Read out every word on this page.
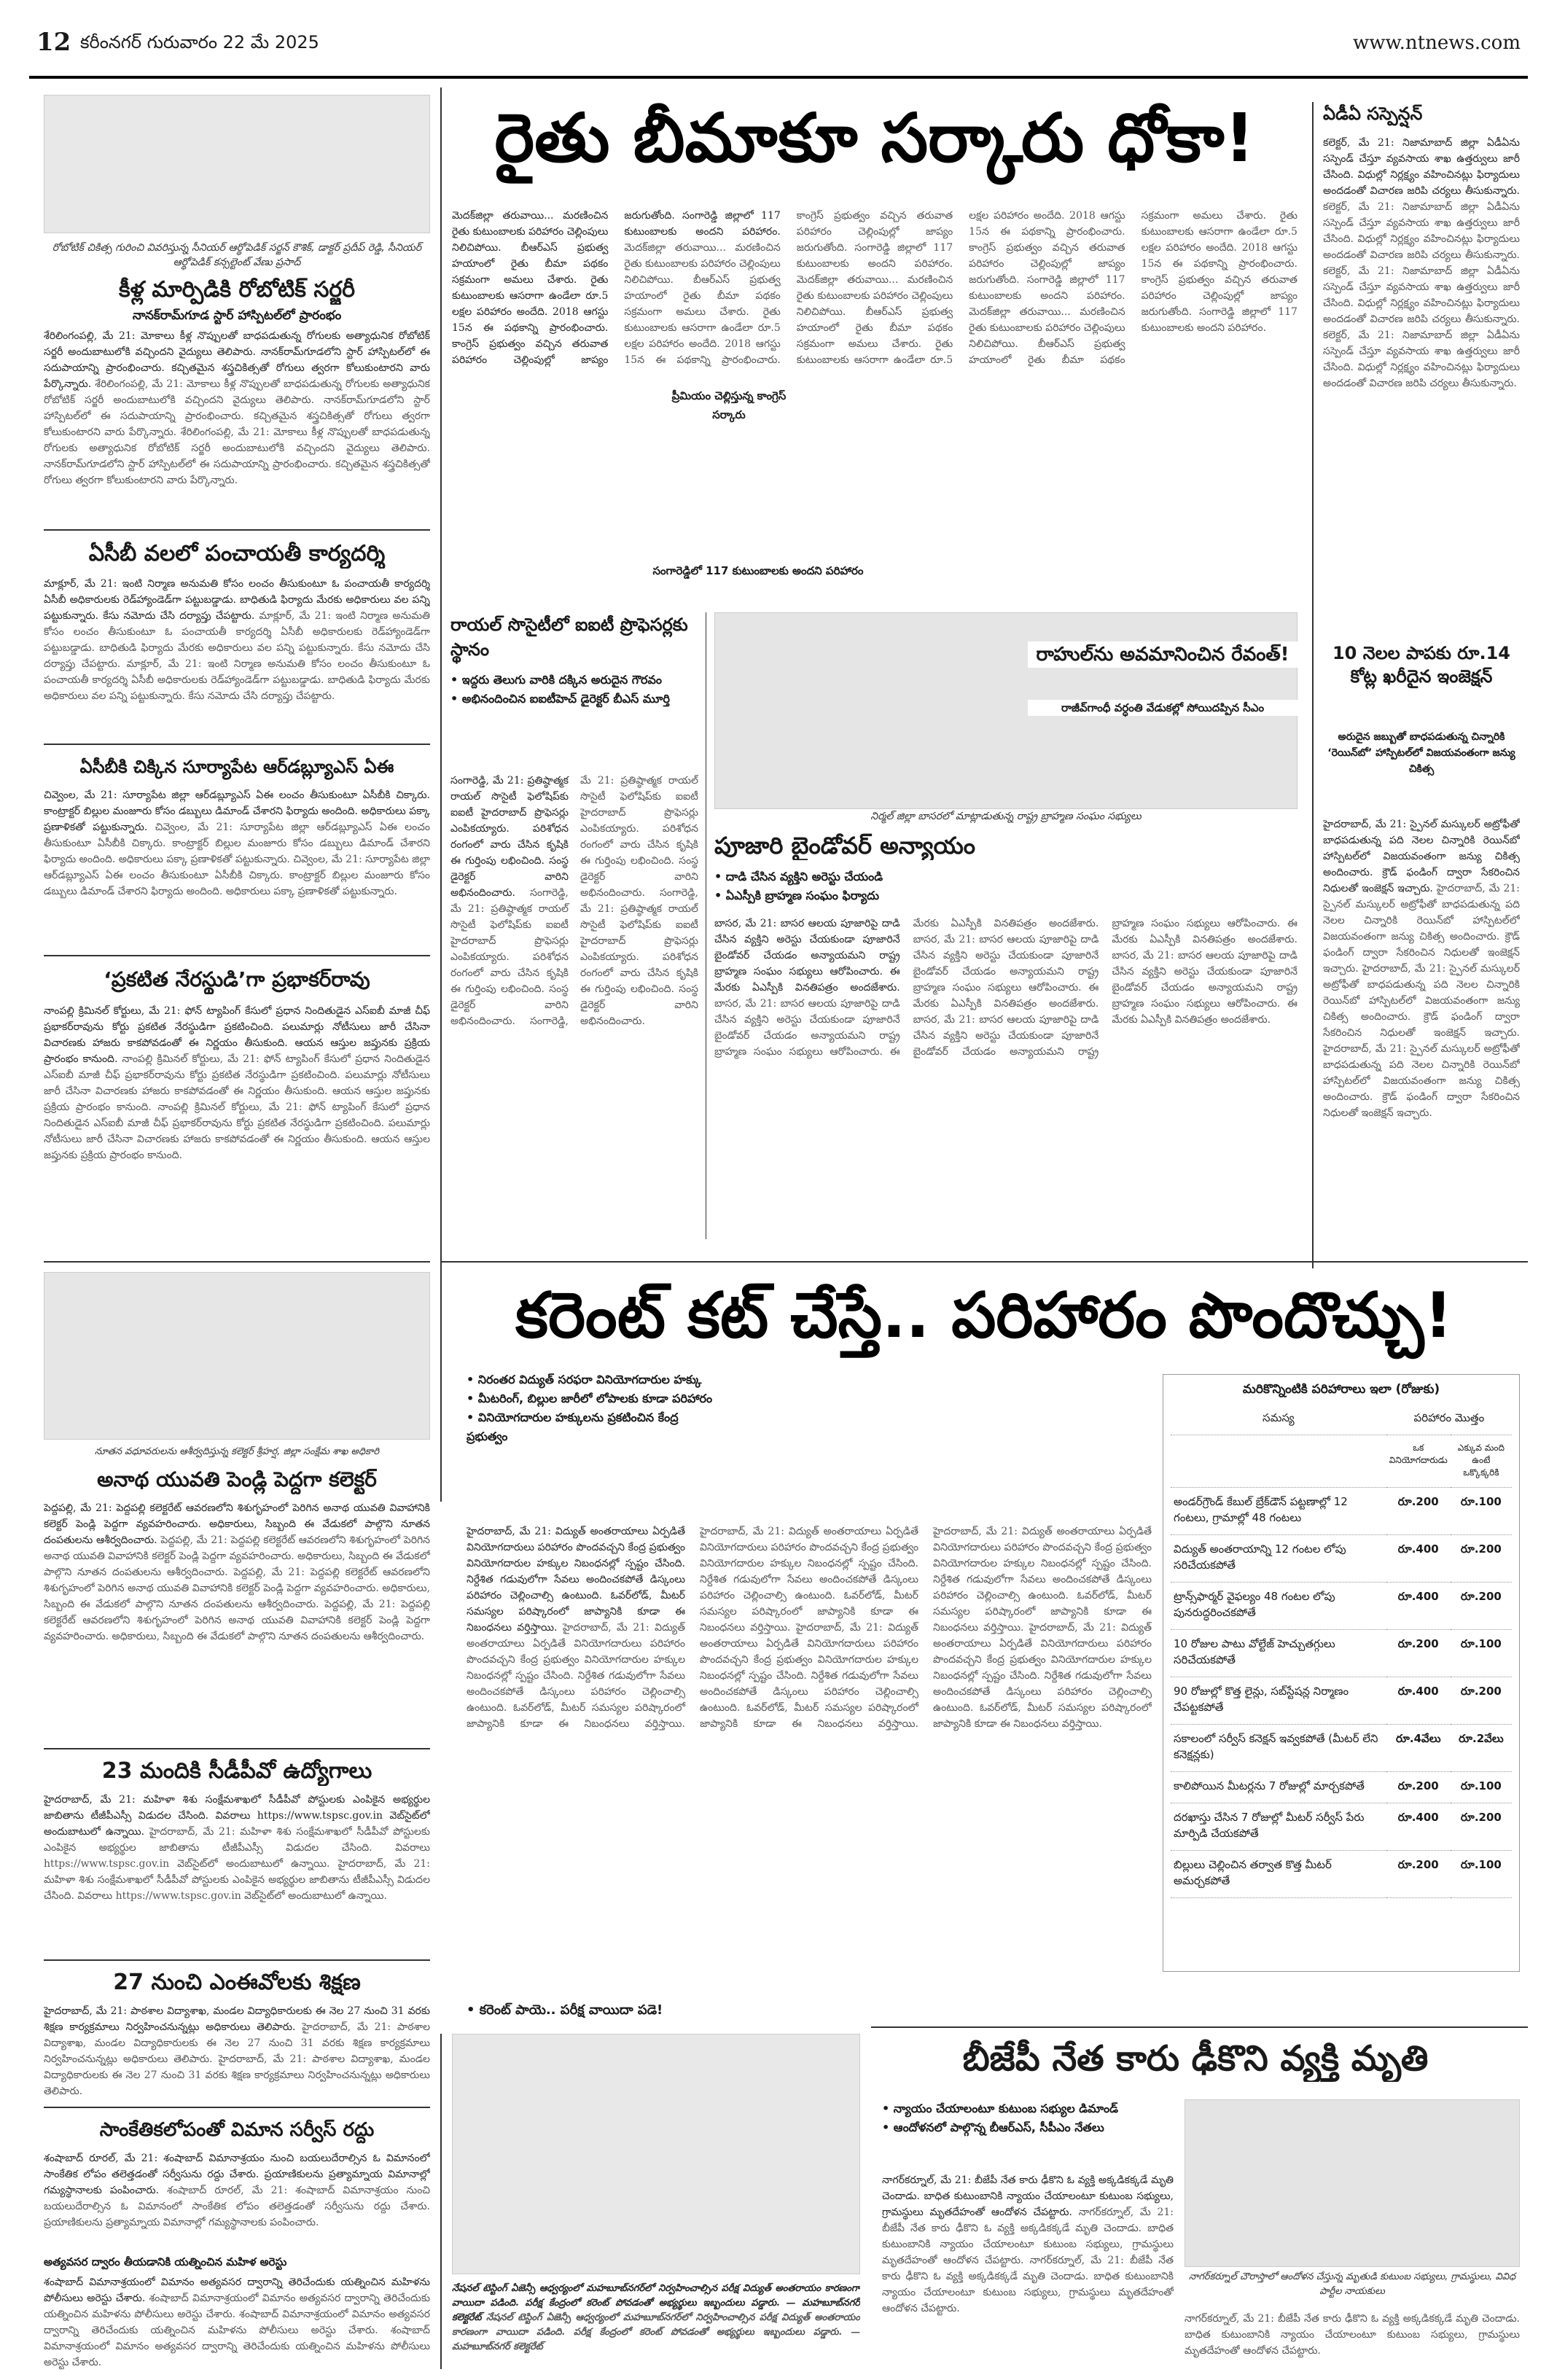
12 కరీంనగర్ గురువారం 22 మే 2025	www.ntnews.com
రైతు బీమాకూ సర్కారు ధోకా!
మెదక్‌జిల్లా తరువాయి... మరణించిన రైతు కుటుంబాలకు పరిహారం చెల్లింపులు నిలిచిపోయి. బీఆర్‌ఎస్ ప్రభుత్వ హయాంలో రైతు బీమా పథకం సక్రమంగా అమలు చేశారు. రైతు కుటుంబాలకు ఆసరాగా ఉండేలా రూ.5 లక్షల పరిహారం అందేది. 2018 ఆగస్టు 15న ఈ పథకాన్ని ప్రారంభించారు. కాంగ్రెస్ ప్రభుత్వం వచ్చిన తరువాత పరిహారం చెల్లింపుల్లో జాప్యం జరుగుతోంది. సంగారెడ్డి జిల్లాలో 117 కుటుంబాలకు అందని పరిహారం. మెదక్‌జిల్లా తరువాయి... మరణించిన రైతు కుటుంబాలకు పరిహారం చెల్లింపులు నిలిచిపోయి. బీఆర్‌ఎస్ ప్రభుత్వ హయాంలో రైతు బీమా పథకం సక్రమంగా అమలు చేశారు. రైతు కుటుంబాలకు ఆసరాగా ఉండేలా రూ.5 లక్షల పరిహారం అందేది. 2018 ఆగస్టు 15న ఈ పథకాన్ని ప్రారంభించారు. కాంగ్రెస్ ప్రభుత్వం వచ్చిన తరువాత పరిహారం చెల్లింపుల్లో జాప్యం జరుగుతోంది. సంగారెడ్డి జిల్లాలో 117 కుటుంబాలకు అందని పరిహారం. మెదక్‌జిల్లా తరువాయి... మరణించిన రైతు కుటుంబాలకు పరిహారం చెల్లింపులు నిలిచిపోయి. బీఆర్‌ఎస్ ప్రభుత్వ హయాంలో రైతు బీమా పథకం సక్రమంగా అమలు చేశారు. రైతు కుటుంబాలకు ఆసరాగా ఉండేలా రూ.5 లక్షల పరిహారం అందేది. 2018 ఆగస్టు 15న ఈ పథకాన్ని ప్రారంభించారు. కాంగ్రెస్ ప్రభుత్వం వచ్చిన తరువాత పరిహారం చెల్లింపుల్లో జాప్యం జరుగుతోంది. సంగారెడ్డి జిల్లాలో 117 కుటుంబాలకు అందని పరిహారం. మెదక్‌జిల్లా తరువాయి... మరణించిన రైతు కుటుంబాలకు పరిహారం చెల్లింపులు నిలిచిపోయి. బీఆర్‌ఎస్ ప్రభుత్వ హయాంలో రైతు బీమా పథకం సక్రమంగా అమలు చేశారు. రైతు కుటుంబాలకు ఆసరాగా ఉండేలా రూ.5 లక్షల పరిహారం అందేది. 2018 ఆగస్టు 15న ఈ పథకాన్ని ప్రారంభించారు. కాంగ్రెస్ ప్రభుత్వం వచ్చిన తరువాత పరిహారం చెల్లింపుల్లో జాప్యం జరుగుతోంది. సంగారెడ్డి జిల్లాలో 117 కుటుంబాలకు అందని పరిహారం.
ప్రీమియం చెల్లిస్తున్న కాంగ్రెస్ సర్కారు
సంగారెడ్డిలో 117 కుటుంబాలకు అందని పరిహారం
రోబోటిక్ చికిత్స గురించి వివరిస్తున్న సీనియర్ ఆర్థోపెడిక్ సర్జన్ కౌశిక్, డాక్టర్ ప్రదీప్ రెడ్డి, సీనియర్ ఆర్థోపెడిక్ కన్సల్టెంట్ వేణు ప్రసాద్
కీళ్ల మార్పిడికి రోబోటిక్ సర్జరీ
నానక్‌రామ్‌గూడ స్టార్ హాస్పిటల్‌లో ప్రారంభం
శేరిలింగంపల్లి, మే 21: మోకాలు కీళ్ల నొప్పులతో బాధపడుతున్న రోగులకు అత్యాధునిక రోబోటిక్ సర్జరీ అందుబాటులోకి వచ్చిందని వైద్యులు తెలిపారు. నానక్‌రామ్‌గూడలోని స్టార్ హాస్పిటల్‌లో ఈ సదుపాయాన్ని ప్రారంభించారు. కచ్చితమైన శస్త్రచికిత్సతో రోగులు త్వరగా కోలుకుంటారని వారు పేర్కొన్నారు. శేరిలింగంపల్లి, మే 21: మోకాలు కీళ్ల నొప్పులతో బాధపడుతున్న రోగులకు అత్యాధునిక రోబోటిక్ సర్జరీ అందుబాటులోకి వచ్చిందని వైద్యులు తెలిపారు. నానక్‌రామ్‌గూడలోని స్టార్ హాస్పిటల్‌లో ఈ సదుపాయాన్ని ప్రారంభించారు. కచ్చితమైన శస్త్రచికిత్సతో రోగులు త్వరగా కోలుకుంటారని వారు పేర్కొన్నారు. శేరిలింగంపల్లి, మే 21: మోకాలు కీళ్ల నొప్పులతో బాధపడుతున్న రోగులకు అత్యాధునిక రోబోటిక్ సర్జరీ అందుబాటులోకి వచ్చిందని వైద్యులు తెలిపారు. నానక్‌రామ్‌గూడలోని స్టార్ హాస్పిటల్‌లో ఈ సదుపాయాన్ని ప్రారంభించారు. కచ్చితమైన శస్త్రచికిత్సతో రోగులు త్వరగా కోలుకుంటారని వారు పేర్కొన్నారు.
ఏసీబీ వలలో పంచాయతీ కార్యదర్శి
మాక్లూర్, మే 21: ఇంటి నిర్మాణ అనుమతి కోసం లంచం తీసుకుంటూ ఓ పంచాయతీ కార్యదర్శి ఏసీబీ అధికారులకు రెడ్‌హ్యాండెడ్‌గా పట్టుబడ్డాడు. బాధితుడి ఫిర్యాదు మేరకు అధికారులు వల పన్ని పట్టుకున్నారు. కేసు నమోదు చేసి దర్యాప్తు చేపట్టారు. మాక్లూర్, మే 21: ఇంటి నిర్మాణ అనుమతి కోసం లంచం తీసుకుంటూ ఓ పంచాయతీ కార్యదర్శి ఏసీబీ అధికారులకు రెడ్‌హ్యాండెడ్‌గా పట్టుబడ్డాడు. బాధితుడి ఫిర్యాదు మేరకు అధికారులు వల పన్ని పట్టుకున్నారు. కేసు నమోదు చేసి దర్యాప్తు చేపట్టారు. మాక్లూర్, మే 21: ఇంటి నిర్మాణ అనుమతి కోసం లంచం తీసుకుంటూ ఓ పంచాయతీ కార్యదర్శి ఏసీబీ అధికారులకు రెడ్‌హ్యాండెడ్‌గా పట్టుబడ్డాడు. బాధితుడి ఫిర్యాదు మేరకు అధికారులు వల పన్ని పట్టుకున్నారు. కేసు నమోదు చేసి దర్యాప్తు చేపట్టారు.
ఏసీబీకి చిక్కిన సూర్యాపేట ఆర్‌డబ్ల్యూఎస్ ఏఈ
చివ్వెంల, మే 21: సూర్యాపేట జిల్లా ఆర్‌డబ్ల్యూఎస్ ఏఈ లంచం తీసుకుంటూ ఏసీబీకి చిక్కారు. కాంట్రాక్టర్ బిల్లుల మంజూరు కోసం డబ్బులు డిమాండ్ చేశారని ఫిర్యాదు అందింది. అధికారులు పక్కా ప్రణాళికతో పట్టుకున్నారు. చివ్వెంల, మే 21: సూర్యాపేట జిల్లా ఆర్‌డబ్ల్యూఎస్ ఏఈ లంచం తీసుకుంటూ ఏసీబీకి చిక్కారు. కాంట్రాక్టర్ బిల్లుల మంజూరు కోసం డబ్బులు డిమాండ్ చేశారని ఫిర్యాదు అందింది. అధికారులు పక్కా ప్రణాళికతో పట్టుకున్నారు. చివ్వెంల, మే 21: సూర్యాపేట జిల్లా ఆర్‌డబ్ల్యూఎస్ ఏఈ లంచం తీసుకుంటూ ఏసీబీకి చిక్కారు. కాంట్రాక్టర్ బిల్లుల మంజూరు కోసం డబ్బులు డిమాండ్ చేశారని ఫిర్యాదు అందింది. అధికారులు పక్కా ప్రణాళికతో పట్టుకున్నారు.
‘ప్రకటిత నేరస్థుడి’గా ప్రభాకర్‌రావు
నాంపల్లి క్రిమినల్ కోర్టులు, మే 21: ఫోన్ ట్యాపింగ్ కేసులో ప్రధాన నిందితుడైన ఎస్‌ఐబీ మాజీ చీఫ్ ప్రభాకర్‌రావును కోర్టు ప్రకటిత నేరస్థుడిగా ప్రకటించింది. పలుమార్లు నోటీసులు జారీ చేసినా విచారణకు హాజరు కాకపోవడంతో ఈ నిర్ణయం తీసుకుంది. ఆయన ఆస్తుల జప్తునకు ప్రక్రియ ప్రారంభం కానుంది. నాంపల్లి క్రిమినల్ కోర్టులు, మే 21: ఫోన్ ట్యాపింగ్ కేసులో ప్రధాన నిందితుడైన ఎస్‌ఐబీ మాజీ చీఫ్ ప్రభాకర్‌రావును కోర్టు ప్రకటిత నేరస్థుడిగా ప్రకటించింది. పలుమార్లు నోటీసులు జారీ చేసినా విచారణకు హాజరు కాకపోవడంతో ఈ నిర్ణయం తీసుకుంది. ఆయన ఆస్తుల జప్తునకు ప్రక్రియ ప్రారంభం కానుంది. నాంపల్లి క్రిమినల్ కోర్టులు, మే 21: ఫోన్ ట్యాపింగ్ కేసులో ప్రధాన నిందితుడైన ఎస్‌ఐబీ మాజీ చీఫ్ ప్రభాకర్‌రావును కోర్టు ప్రకటిత నేరస్థుడిగా ప్రకటించింది. పలుమార్లు నోటీసులు జారీ చేసినా విచారణకు హాజరు కాకపోవడంతో ఈ నిర్ణయం తీసుకుంది. ఆయన ఆస్తుల జప్తునకు ప్రక్రియ ప్రారంభం కానుంది.
రాయల్ సొసైటీలో ఐఐటీ ప్రొఫెసర్లకు స్థానం
• ఇద్దరు తెలుగు వారికి దక్కిన అరుదైన గౌరవం
• అభినందించిన ఐఐటీహెచ్ డైరెక్టర్ బీఎస్ మూర్తి
సంగారెడ్డి, మే 21: ప్రతిష్ఠాత్మక రాయల్ సొసైటీ ఫెలోషిప్‌కు ఐఐటీ హైదరాబాద్ ప్రొఫెసర్లు ఎంపికయ్యారు. పరిశోధన రంగంలో వారు చేసిన కృషికి ఈ గుర్తింపు లభించింది. సంస్థ డైరెక్టర్ వారిని అభినందించారు. సంగారెడ్డి, మే 21: ప్రతిష్ఠాత్మక రాయల్ సొసైటీ ఫెలోషిప్‌కు ఐఐటీ హైదరాబాద్ ప్రొఫెసర్లు ఎంపికయ్యారు. పరిశోధన రంగంలో వారు చేసిన కృషికి ఈ గుర్తింపు లభించింది. సంస్థ డైరెక్టర్ వారిని అభినందించారు. సంగారెడ్డి, మే 21: ప్రతిష్ఠాత్మక రాయల్ సొసైటీ ఫెలోషిప్‌కు ఐఐటీ హైదరాబాద్ ప్రొఫెసర్లు ఎంపికయ్యారు. పరిశోధన రంగంలో వారు చేసిన కృషికి ఈ గుర్తింపు లభించింది. సంస్థ డైరెక్టర్ వారిని అభినందించారు. సంగారెడ్డి, మే 21: ప్రతిష్ఠాత్మక రాయల్ సొసైటీ ఫెలోషిప్‌కు ఐఐటీ హైదరాబాద్ ప్రొఫెసర్లు ఎంపికయ్యారు. పరిశోధన రంగంలో వారు చేసిన కృషికి ఈ గుర్తింపు లభించింది. సంస్థ డైరెక్టర్ వారిని అభినందించారు.
నిర్మల్ జిల్లా బాసరలో మాట్లాడుతున్న రాష్ట్ర బ్రాహ్మణ సంఘం సభ్యులు
పూజారి బైండోవర్ అన్యాయం
• దాడి చేసిన వ్యక్తిని అరెస్టు చేయండి
• ఏఎస్పీకి బ్రాహ్మణ సంఘం ఫిర్యాదు
బాసర, మే 21: బాసర ఆలయ పూజారిపై దాడి చేసిన వ్యక్తిని అరెస్టు చేయకుండా పూజారినే బైండోవర్ చేయడం అన్యాయమని రాష్ట్ర బ్రాహ్మణ సంఘం సభ్యులు ఆరోపించారు. ఈ మేరకు ఏఎస్పీకి వినతిపత్రం అందజేశారు. బాసర, మే 21: బాసర ఆలయ పూజారిపై దాడి చేసిన వ్యక్తిని అరెస్టు చేయకుండా పూజారినే బైండోవర్ చేయడం అన్యాయమని రాష్ట్ర బ్రాహ్మణ సంఘం సభ్యులు ఆరోపించారు. ఈ మేరకు ఏఎస్పీకి వినతిపత్రం అందజేశారు. బాసర, మే 21: బాసర ఆలయ పూజారిపై దాడి చేసిన వ్యక్తిని అరెస్టు చేయకుండా పూజారినే బైండోవర్ చేయడం అన్యాయమని రాష్ట్ర బ్రాహ్మణ సంఘం సభ్యులు ఆరోపించారు. ఈ మేరకు ఏఎస్పీకి వినతిపత్రం అందజేశారు. బాసర, మే 21: బాసర ఆలయ పూజారిపై దాడి చేసిన వ్యక్తిని అరెస్టు చేయకుండా పూజారినే బైండోవర్ చేయడం అన్యాయమని రాష్ట్ర బ్రాహ్మణ సంఘం సభ్యులు ఆరోపించారు. ఈ మేరకు ఏఎస్పీకి వినతిపత్రం అందజేశారు. బాసర, మే 21: బాసర ఆలయ పూజారిపై దాడి చేసిన వ్యక్తిని అరెస్టు చేయకుండా పూజారినే బైండోవర్ చేయడం అన్యాయమని రాష్ట్ర బ్రాహ్మణ సంఘం సభ్యులు ఆరోపించారు. ఈ మేరకు ఏఎస్పీకి వినతిపత్రం అందజేశారు.
రాహుల్‌ను అవమానించిన రేవంత్!
రాజీవ్‌గాంధీ వర్ధంతి వేడుకల్లో సోయిదప్పిన సీఎం
ఏడీఏ సస్పెన్షన్
కలెక్టర్, మే 21: నిజామాబాద్ జిల్లా ఏడీఏను సస్పెండ్ చేస్తూ వ్యవసాయ శాఖ ఉత్తర్వులు జారీ చేసింది. విధుల్లో నిర్లక్ష్యం వహించినట్లు ఫిర్యాదులు అందడంతో విచారణ జరిపి చర్యలు తీసుకున్నారు. కలెక్టర్, మే 21: నిజామాబాద్ జిల్లా ఏడీఏను సస్పెండ్ చేస్తూ వ్యవసాయ శాఖ ఉత్తర్వులు జారీ చేసింది. విధుల్లో నిర్లక్ష్యం వహించినట్లు ఫిర్యాదులు అందడంతో విచారణ జరిపి చర్యలు తీసుకున్నారు. కలెక్టర్, మే 21: నిజామాబాద్ జిల్లా ఏడీఏను సస్పెండ్ చేస్తూ వ్యవసాయ శాఖ ఉత్తర్వులు జారీ చేసింది. విధుల్లో నిర్లక్ష్యం వహించినట్లు ఫిర్యాదులు అందడంతో విచారణ జరిపి చర్యలు తీసుకున్నారు. కలెక్టర్, మే 21: నిజామాబాద్ జిల్లా ఏడీఏను సస్పెండ్ చేస్తూ వ్యవసాయ శాఖ ఉత్తర్వులు జారీ చేసింది. విధుల్లో నిర్లక్ష్యం వహించినట్లు ఫిర్యాదులు అందడంతో విచారణ జరిపి చర్యలు తీసుకున్నారు.
10 నెలల పాపకు రూ.14 కోట్ల ఖరీదైన ఇంజెక్షన్
అరుదైన జబ్బుతో బాధపడుతున్న చిన్నారికి ‘రెయిన్‌బో’ హాస్పిటల్‌లో విజయవంతంగా జన్యు చికిత్స
హైదరాబాద్, మే 21: స్పైనల్ మస్కులర్ అట్రోఫీతో బాధపడుతున్న పది నెలల చిన్నారికి రెయిన్‌బో హాస్పిటల్‌లో విజయవంతంగా జన్యు చికిత్స అందించారు. క్రౌడ్ ఫండింగ్ ద్వారా సేకరించిన నిధులతో ఇంజెక్షన్ ఇచ్చారు. హైదరాబాద్, మే 21: స్పైనల్ మస్కులర్ అట్రోఫీతో బాధపడుతున్న పది నెలల చిన్నారికి రెయిన్‌బో హాస్పిటల్‌లో విజయవంతంగా జన్యు చికిత్స అందించారు. క్రౌడ్ ఫండింగ్ ద్వారా సేకరించిన నిధులతో ఇంజెక్షన్ ఇచ్చారు. హైదరాబాద్, మే 21: స్పైనల్ మస్కులర్ అట్రోఫీతో బాధపడుతున్న పది నెలల చిన్నారికి రెయిన్‌బో హాస్పిటల్‌లో విజయవంతంగా జన్యు చికిత్స అందించారు. క్రౌడ్ ఫండింగ్ ద్వారా సేకరించిన నిధులతో ఇంజెక్షన్ ఇచ్చారు. హైదరాబాద్, మే 21: స్పైనల్ మస్కులర్ అట్రోఫీతో బాధపడుతున్న పది నెలల చిన్నారికి రెయిన్‌బో హాస్పిటల్‌లో విజయవంతంగా జన్యు చికిత్స అందించారు. క్రౌడ్ ఫండింగ్ ద్వారా సేకరించిన నిధులతో ఇంజెక్షన్ ఇచ్చారు.
కరెంట్ కట్ చేస్తే.. పరిహారం పొందొచ్చు!
• నిరంతర విద్యుత్ సరఫరా వినియోగదారుల హక్కు
• మీటరింగ్, బిల్లుల జారీలో లోపాలకు కూడా పరిహారం
• వినియోగదారుల హక్కులను ప్రకటించిన కేంద్ర ప్రభుత్వం
హైదరాబాద్, మే 21: విద్యుత్ అంతరాయాలు ఏర్పడితే వినియోగదారులు పరిహారం పొందవచ్చని కేంద్ర ప్రభుత్వం వినియోగదారుల హక్కుల నిబంధనల్లో స్పష్టం చేసింది. నిర్దేశిత గడువులోగా సేవలు అందించకపోతే డిస్కంలు పరిహారం చెల్లించాల్సి ఉంటుంది. ఓవర్‌లోడ్, మీటర్ సమస్యల పరిష్కారంలో జాప్యానికి కూడా ఈ నిబంధనలు వర్తిస్తాయి. హైదరాబాద్, మే 21: విద్యుత్ అంతరాయాలు ఏర్పడితే వినియోగదారులు పరిహారం పొందవచ్చని కేంద్ర ప్రభుత్వం వినియోగదారుల హక్కుల నిబంధనల్లో స్పష్టం చేసింది. నిర్దేశిత గడువులోగా సేవలు అందించకపోతే డిస్కంలు పరిహారం చెల్లించాల్సి ఉంటుంది. ఓవర్‌లోడ్, మీటర్ సమస్యల పరిష్కారంలో జాప్యానికి కూడా ఈ నిబంధనలు వర్తిస్తాయి. హైదరాబాద్, మే 21: విద్యుత్ అంతరాయాలు ఏర్పడితే వినియోగదారులు పరిహారం పొందవచ్చని కేంద్ర ప్రభుత్వం వినియోగదారుల హక్కుల నిబంధనల్లో స్పష్టం చేసింది. నిర్దేశిత గడువులోగా సేవలు అందించకపోతే డిస్కంలు పరిహారం చెల్లించాల్సి ఉంటుంది. ఓవర్‌లోడ్, మీటర్ సమస్యల పరిష్కారంలో జాప్యానికి కూడా ఈ నిబంధనలు వర్తిస్తాయి. హైదరాబాద్, మే 21: విద్యుత్ అంతరాయాలు ఏర్పడితే వినియోగదారులు పరిహారం పొందవచ్చని కేంద్ర ప్రభుత్వం వినియోగదారుల హక్కుల నిబంధనల్లో స్పష్టం చేసింది. నిర్దేశిత గడువులోగా సేవలు అందించకపోతే డిస్కంలు పరిహారం చెల్లించాల్సి ఉంటుంది. ఓవర్‌లోడ్, మీటర్ సమస్యల పరిష్కారంలో జాప్యానికి కూడా ఈ నిబంధనలు వర్తిస్తాయి. హైదరాబాద్, మే 21: విద్యుత్ అంతరాయాలు ఏర్పడితే వినియోగదారులు పరిహారం పొందవచ్చని కేంద్ర ప్రభుత్వం వినియోగదారుల హక్కుల నిబంధనల్లో స్పష్టం చేసింది. నిర్దేశిత గడువులోగా సేవలు అందించకపోతే డిస్కంలు పరిహారం చెల్లించాల్సి ఉంటుంది. ఓవర్‌లోడ్, మీటర్ సమస్యల పరిష్కారంలో జాప్యానికి కూడా ఈ నిబంధనలు వర్తిస్తాయి. హైదరాబాద్, మే 21: విద్యుత్ అంతరాయాలు ఏర్పడితే వినియోగదారులు పరిహారం పొందవచ్చని కేంద్ర ప్రభుత్వం వినియోగదారుల హక్కుల నిబంధనల్లో స్పష్టం చేసింది. నిర్దేశిత గడువులోగా సేవలు అందించకపోతే డిస్కంలు పరిహారం చెల్లించాల్సి ఉంటుంది. ఓవర్‌లోడ్, మీటర్ సమస్యల పరిష్కారంలో జాప్యానికి కూడా ఈ నిబంధనలు వర్తిస్తాయి.
• కరెంట్ పాయె.. పరీక్ష వాయిదా పడె!
మరికొన్నింటికి పరిహారాలు ఇలా (రోజుకు)
సమస్య	పరిహారం మొత్తం	
	ఒక వినియోగదారుడు	ఎక్కువ మంది ఉంటే ఒక్కొక్కరికి
అండర్‌గ్రౌండ్ కేబుల్ బ్రేక్‌డౌన్ పట్టణాల్లో 12 గంటలు, గ్రామాల్లో 48 గంటలు	రూ.200	రూ.100
విద్యుత్ అంతరాయాన్ని 12 గంటల లోపు సరిచేయకపోతే	రూ.400	రూ.200
ట్రాన్స్‌ఫార్మర్ వైఫల్యం 48 గంటల లోపు పునరుద్ధరించకపోతే	రూ.400	రూ.200
10 రోజుల పాటు వోల్టేజ్ హెచ్చుతగ్గులు సరిచేయకపోతే	రూ.200	రూ.100
90 రోజుల్లో కొత్త లైన్లు, సబ్‌స్టేషన్ల నిర్మాణం చేపట్టకపోతే	రూ.400	రూ.200
సకాలంలో సర్వీస్ కనెక్షన్ ఇవ్వకపోతే (మీటర్ లేని కనెక్షన్లకు)	రూ.4వేలు	రూ.2వేలు
కాలిపోయిన మీటర్లను 7 రోజుల్లో మార్చకపోతే	రూ.200	రూ.100
దరఖాస్తు చేసిన 7 రోజుల్లో మీటర్ సర్వీస్ పేరు మార్పిడి చేయకపోతే	రూ.400	రూ.200
బిల్లులు చెల్లించిన తర్వాత కొత్త మీటర్ అమర్చకపోతే	రూ.200	రూ.100
నూతన వధూవరులను ఆశీర్వదిస్తున్న కలెక్టర్ శ్రీహర్ష, జిల్లా సంక్షేమ శాఖ అధికారి
అనాథ యువతి పెండ్లి పెద్దగా కలెక్టర్
పెద్దపల్లి, మే 21: పెద్దపల్లి కలెక్టరేట్ ఆవరణలోని శిశుగృహంలో పెరిగిన అనాథ యువతి వివాహానికి కలెక్టర్ పెండ్లి పెద్దగా వ్యవహరించారు. అధికారులు, సిబ్బంది ఈ వేడుకలో పాల్గొని నూతన దంపతులను ఆశీర్వదించారు. పెద్దపల్లి, మే 21: పెద్దపల్లి కలెక్టరేట్ ఆవరణలోని శిశుగృహంలో పెరిగిన అనాథ యువతి వివాహానికి కలెక్టర్ పెండ్లి పెద్దగా వ్యవహరించారు. అధికారులు, సిబ్బంది ఈ వేడుకలో పాల్గొని నూతన దంపతులను ఆశీర్వదించారు. పెద్దపల్లి, మే 21: పెద్దపల్లి కలెక్టరేట్ ఆవరణలోని శిశుగృహంలో పెరిగిన అనాథ యువతి వివాహానికి కలెక్టర్ పెండ్లి పెద్దగా వ్యవహరించారు. అధికారులు, సిబ్బంది ఈ వేడుకలో పాల్గొని నూతన దంపతులను ఆశీర్వదించారు. పెద్దపల్లి, మే 21: పెద్దపల్లి కలెక్టరేట్ ఆవరణలోని శిశుగృహంలో పెరిగిన అనాథ యువతి వివాహానికి కలెక్టర్ పెండ్లి పెద్దగా వ్యవహరించారు. అధికారులు, సిబ్బంది ఈ వేడుకలో పాల్గొని నూతన దంపతులను ఆశీర్వదించారు.
23 మందికి సీడీపీవో ఉద్యోగాలు
హైదరాబాద్, మే 21: మహిళా శిశు సంక్షేమశాఖలో సీడీపీవో పోస్టులకు ఎంపికైన అభ్యర్థుల జాబితాను టీజీపీఎస్సీ విడుదల చేసింది. వివరాలు https://www.tspsc.gov.in వెబ్‌సైట్‌లో అందుబాటులో ఉన్నాయి. హైదరాబాద్, మే 21: మహిళా శిశు సంక్షేమశాఖలో సీడీపీవో పోస్టులకు ఎంపికైన అభ్యర్థుల జాబితాను టీజీపీఎస్సీ విడుదల చేసింది. వివరాలు https://www.tspsc.gov.in వెబ్‌సైట్‌లో అందుబాటులో ఉన్నాయి. హైదరాబాద్, మే 21: మహిళా శిశు సంక్షేమశాఖలో సీడీపీవో పోస్టులకు ఎంపికైన అభ్యర్థుల జాబితాను టీజీపీఎస్సీ విడుదల చేసింది. వివరాలు https://www.tspsc.gov.in వెబ్‌సైట్‌లో అందుబాటులో ఉన్నాయి.
27 నుంచి ఎంఈవోలకు శిక్షణ
హైదరాబాద్, మే 21: పాఠశాల విద్యాశాఖ, మండల విద్యాధికారులకు ఈ నెల 27 నుంచి 31 వరకు శిక్షణ కార్యక్రమాలు నిర్వహించనున్నట్లు అధికారులు తెలిపారు. హైదరాబాద్, మే 21: పాఠశాల విద్యాశాఖ, మండల విద్యాధికారులకు ఈ నెల 27 నుంచి 31 వరకు శిక్షణ కార్యక్రమాలు నిర్వహించనున్నట్లు అధికారులు తెలిపారు. హైదరాబాద్, మే 21: పాఠశాల విద్యాశాఖ, మండల విద్యాధికారులకు ఈ నెల 27 నుంచి 31 వరకు శిక్షణ కార్యక్రమాలు నిర్వహించనున్నట్లు అధికారులు తెలిపారు.
సాంకేతికలోపంతో విమాన సర్వీస్ రద్దు
శంషాబాద్ రూరల్, మే 21: శంషాబాద్ విమానాశ్రయం నుంచి బయలుదేరాల్సిన ఓ విమానంలో సాంకేతిక లోపం తలెత్తడంతో సర్వీసును రద్దు చేశారు. ప్రయాణికులను ప్రత్యామ్నాయ విమానాల్లో గమ్యస్థానాలకు పంపించారు. శంషాబాద్ రూరల్, మే 21: శంషాబాద్ విమానాశ్రయం నుంచి బయలుదేరాల్సిన ఓ విమానంలో సాంకేతిక లోపం తలెత్తడంతో సర్వీసును రద్దు చేశారు. ప్రయాణికులను ప్రత్యామ్నాయ విమానాల్లో గమ్యస్థానాలకు పంపించారు.
అత్యవసర ద్వారం తీయడానికి యత్నించిన మహిళ అరెస్టు
శంషాబాద్ విమానాశ్రయంలో విమానం అత్యవసర ద్వారాన్ని తెరిచేందుకు యత్నించిన మహిళను పోలీసులు అరెస్టు చేశారు. శంషాబాద్ విమానాశ్రయంలో విమానం అత్యవసర ద్వారాన్ని తెరిచేందుకు యత్నించిన మహిళను పోలీసులు అరెస్టు చేశారు. శంషాబాద్ విమానాశ్రయంలో విమానం అత్యవసర ద్వారాన్ని తెరిచేందుకు యత్నించిన మహిళను పోలీసులు అరెస్టు చేశారు. శంషాబాద్ విమానాశ్రయంలో విమానం అత్యవసర ద్వారాన్ని తెరిచేందుకు యత్నించిన మహిళను పోలీసులు అరెస్టు చేశారు.
నేషనల్ టెస్టింగ్ ఏజెన్సీ ఆధ్వర్యంలో మహబూబ్‌నగర్‌లో నిర్వహించాల్సిన పరీక్ష విద్యుత్ అంతరాయం కారణంగా వాయిదా పడింది. పరీక్ష కేంద్రంలో కరెంట్ పోవడంతో అభ్యర్థులు ఇబ్బందులు పడ్డారు. — మహబూబ్‌నగర్ కలెక్టరేట్ నేషనల్ టెస్టింగ్ ఏజెన్సీ ఆధ్వర్యంలో మహబూబ్‌నగర్‌లో నిర్వహించాల్సిన పరీక్ష విద్యుత్ అంతరాయం కారణంగా వాయిదా పడింది. పరీక్ష కేంద్రంలో కరెంట్ పోవడంతో అభ్యర్థులు ఇబ్బందులు పడ్డారు. — మహబూబ్‌నగర్ కలెక్టరేట్
బీజేపీ నేత కారు ఢీకొని వ్యక్తి మృతి
• న్యాయం చేయాలంటూ కుటుంబ సభ్యుల డిమాండ్
• ఆందోళనలో పాల్గొన్న బీఆర్‌ఎస్, సీపీఎం నేతలు
నాగర్‌కర్నూల్, మే 21: బీజేపీ నేత కారు ఢీకొని ఓ వ్యక్తి అక్కడికక్కడే మృతి చెందాడు. బాధిత కుటుంబానికి న్యాయం చేయాలంటూ కుటుంబ సభ్యులు, గ్రామస్థులు మృతదేహంతో ఆందోళన చేపట్టారు. నాగర్‌కర్నూల్, మే 21: బీజేపీ నేత కారు ఢీకొని ఓ వ్యక్తి అక్కడికక్కడే మృతి చెందాడు. బాధిత కుటుంబానికి న్యాయం చేయాలంటూ కుటుంబ సభ్యులు, గ్రామస్థులు మృతదేహంతో ఆందోళన చేపట్టారు. నాగర్‌కర్నూల్, మే 21: బీజేపీ నేత కారు ఢీకొని ఓ వ్యక్తి అక్కడికక్కడే మృతి చెందాడు. బాధిత కుటుంబానికి న్యాయం చేయాలంటూ కుటుంబ సభ్యులు, గ్రామస్థులు మృతదేహంతో ఆందోళన చేపట్టారు.
నాగర్‌కర్నూల్ చౌరాస్తాలో ఆందోళన చేస్తున్న మృతుడి కుటుంబ సభ్యులు, గ్రామస్థులు, వివిధ పార్టీల నాయకులు
నాగర్‌కర్నూల్, మే 21: బీజేపీ నేత కారు ఢీకొని ఓ వ్యక్తి అక్కడికక్కడే మృతి చెందాడు. బాధిత కుటుంబానికి న్యాయం చేయాలంటూ కుటుంబ సభ్యులు, గ్రామస్థులు మృతదేహంతో ఆందోళన చేపట్టారు.
